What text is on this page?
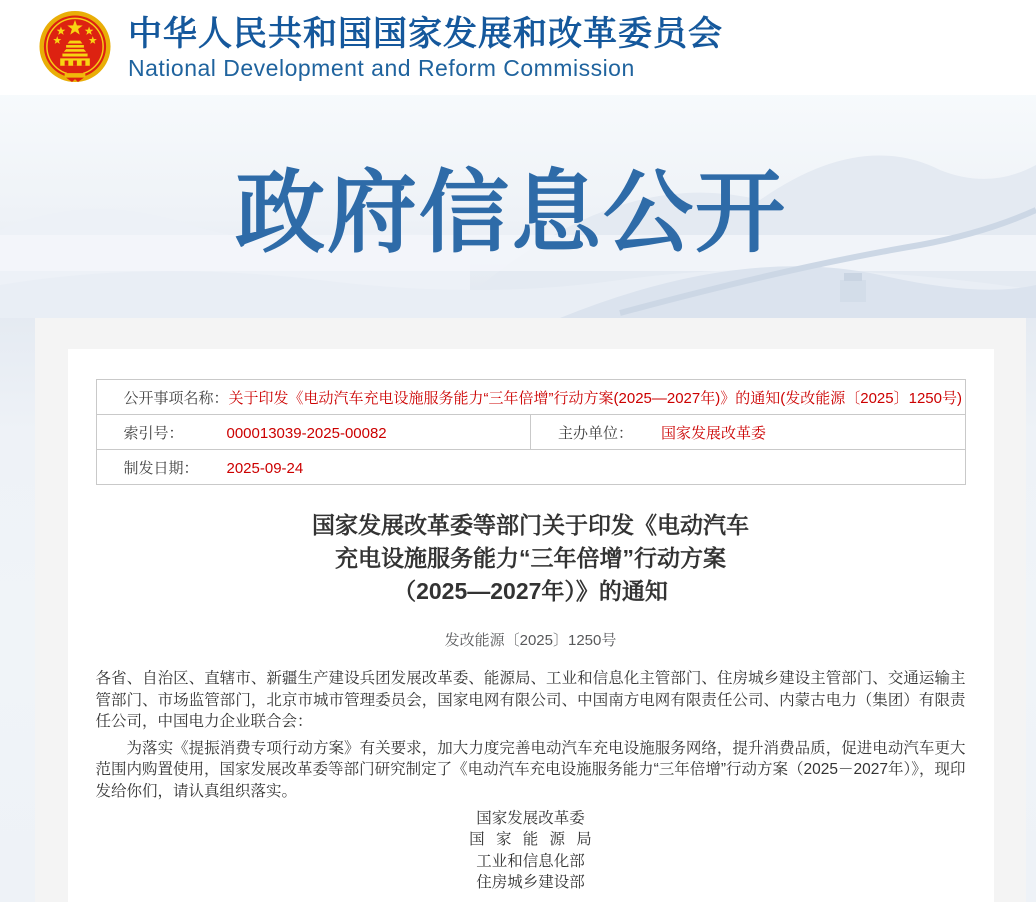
中华人民共和国国家发展和改革委员会
National Development and Reform Commission
政府信息公开
公开事项名称：关于印发《电动汽车充电设施服务能力“三年倍增”行动方案(2025—2027年)》的通知(发改能源〔2025〕1250号)
索引号：	000013039-2025-00082	主办单位： 国家发展改革委
制发日期： 2025-09-24
国家发展改革委等部门关于印发《电动汽车
充电设施服务能力“三年倍增”行动方案
（2025—2027年）》的通知
发改能源〔2025〕1250号

各省、自治区、直辖市、新疆生产建设兵团发展改革委、能源局、工业和信息化主管部门、住房城乡建设主管部门、交通运输主管部门、市场监管部门，北京市城市管理委员会，国家电网有限公司、中国南方电网有限责任公司、内蒙古电力（集团）有限责任公司，中国电力企业联合会：

为落实《提振消费专项行动方案》有关要求，加大力度完善电动汽车充电设施服务网络，提升消费品质，促进电动汽车更大范围内购置使用，国家发展改革委等部门研究制定了《电动汽车充电设施服务能力“三年倍增”行动方案（2025－2027年）》，现印发给你们，请认真组织落实。

国家发展改革委
国 家 能 源 局
工业和信息化部
住房城乡建设部
